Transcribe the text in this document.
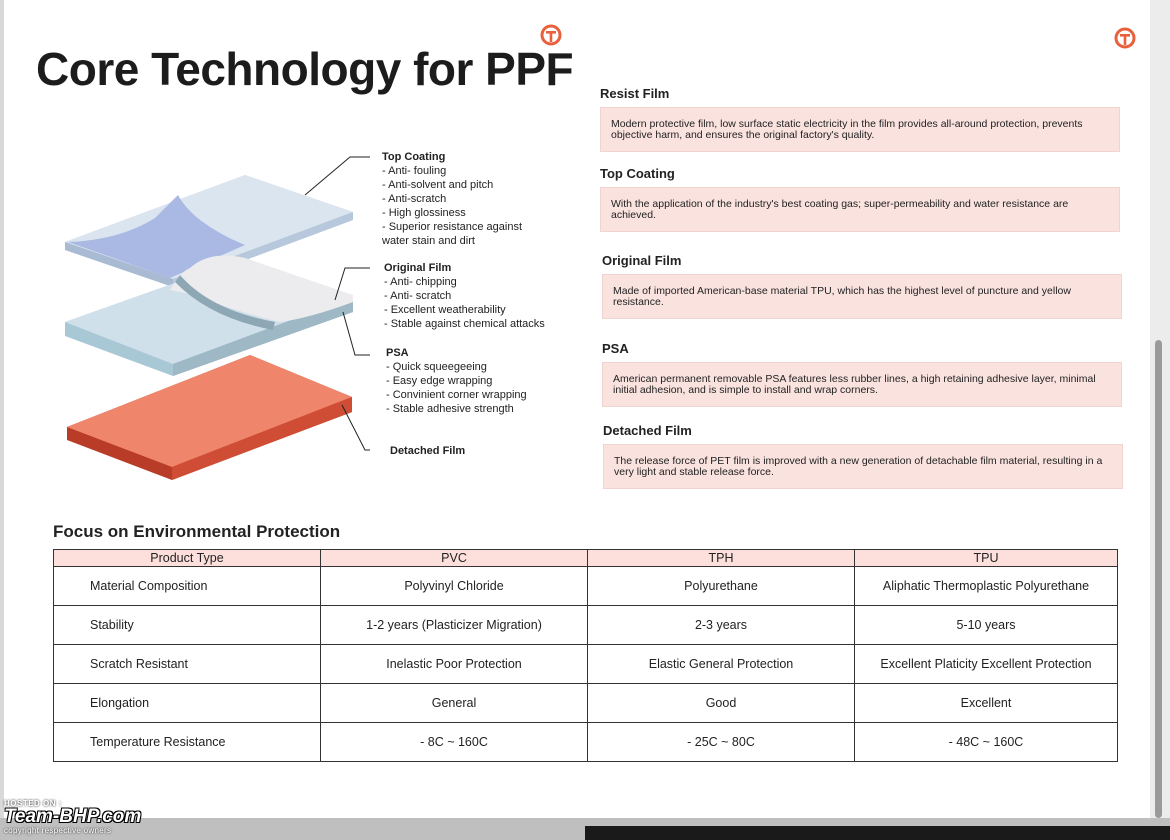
Core Technology for PPF
Top Coating
- Anti- fouling
- Anti-solvent and pitch
- Anti-scratch
- High glossiness
- Superior resistance against
water stain and dirt
Original Film
- Anti- chipping
- Anti- scratch
- Excellent weatherability
- Stable against chemical attacks
PSA
- Quick squeegeeing
- Easy edge wrapping
- Convinient corner wrapping
- Stable adhesive strength
Detached Film
Resist Film
Modern protective film, low surface static electricity in the film provides all-around protection, prevents objective harm, and ensures the original factory's quality.
Top Coating
With the application of the industry's best coating gas; super-permeability and water resistance are achieved.
Original Film
Made of imported American-base material TPU, which has the highest level of puncture and yellow resistance.
PSA
American permanent removable PSA features less rubber lines, a high retaining adhesive layer, minimal initial adhesion, and is simple to install and wrap corners.
Detached Film
The release force of PET film is improved with a new generation of detachable film material, resulting in a very light and stable release force.
Focus on Environmental Protection
Product Type	PVC	TPH	TPU
Material Composition	Polyvinyl Chloride	Polyurethane	Aliphatic Thermoplastic Polyurethane
Stability	1-2 years (Plasticizer Migration)	2-3 years	5-10 years
Scratch Resistant	Inelastic Poor Protection	Elastic General Protection	Excellent Platicity Excellent Protection
Elongation	General	Good	Excellent
Temperature Resistance	- 8C ~ 160C	- 25C ~ 80C	- 48C ~ 160C
HOSTED ON :
Team-BHP.com
copyright respective owners
